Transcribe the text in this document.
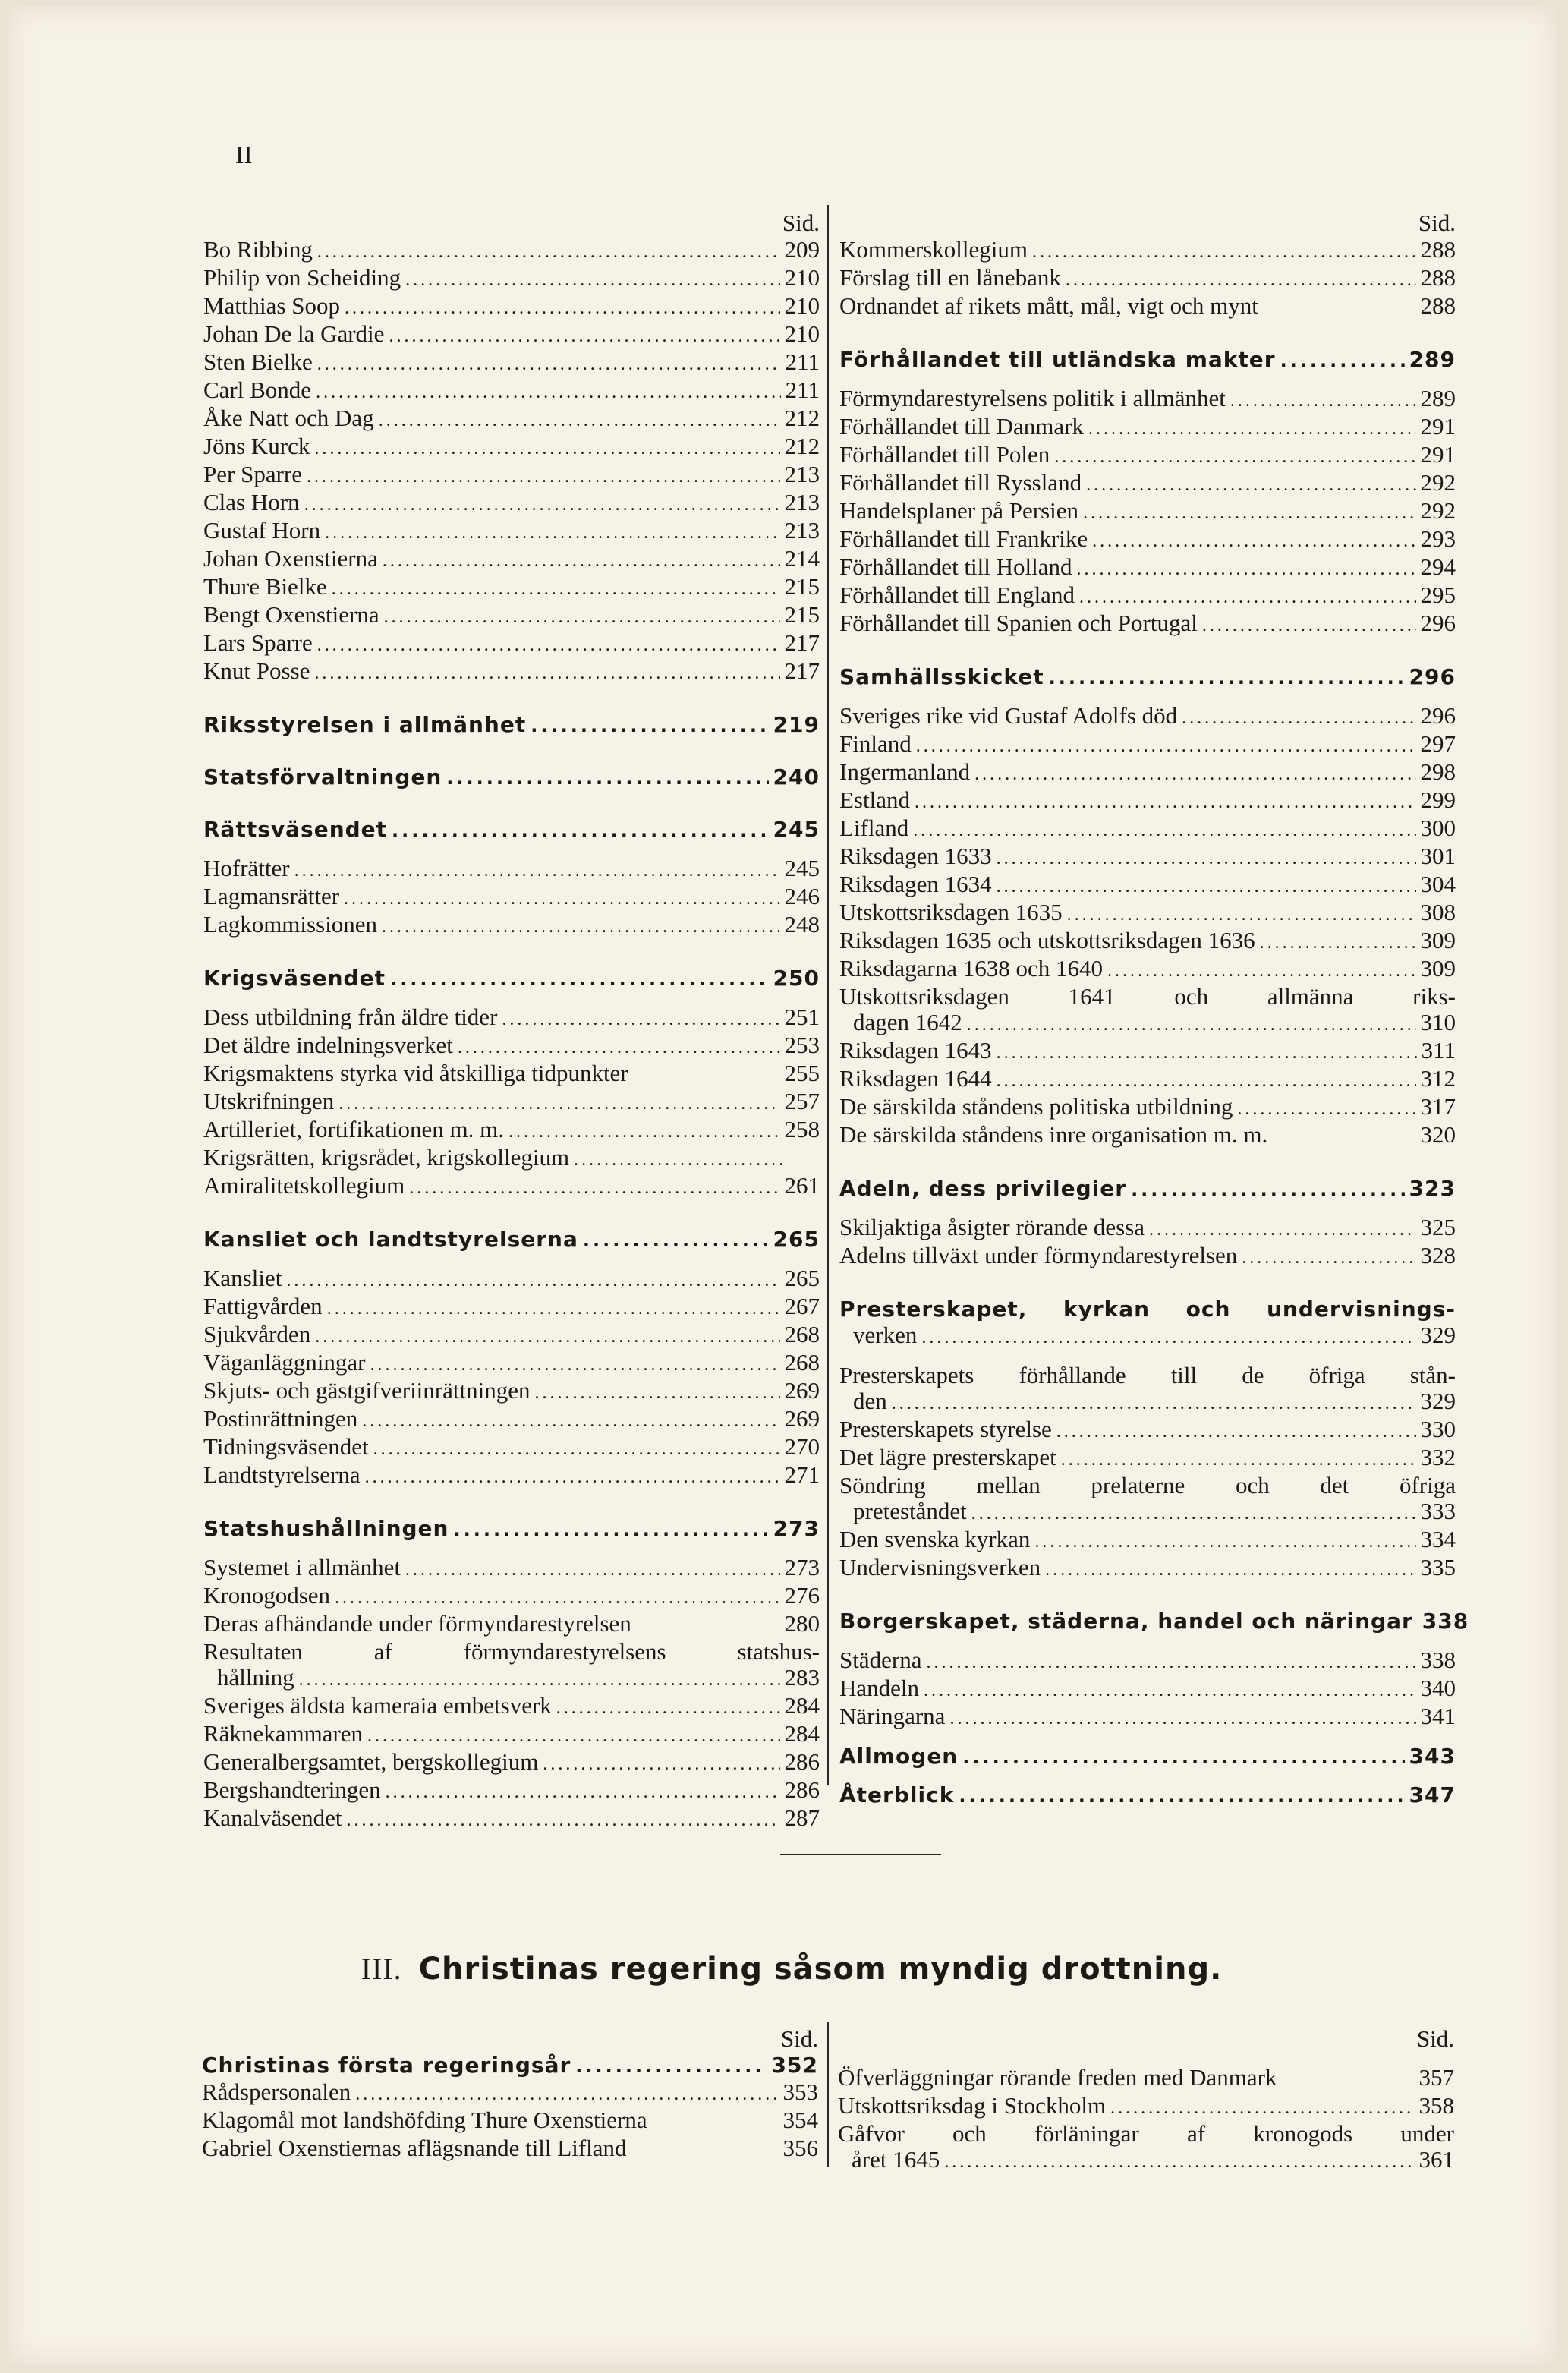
II
Sid.
Bo Ribbing .....	209
Philip von Scheiding .....	210
Matthias Soop .....	210
Johan De la Gardie .....	210
Sten Bielke .....	211
Carl Bonde .....	211
Åke Natt och Dag .....	212
Jöns Kurck .....	212
Per Sparre .....	213
Clas Horn .....	213
Gustaf Horn .....	213
Johan Oxenstierna .....	214
Thure Bielke .....	215
Bengt Oxenstierna .....	215
Lars Sparre .....	217
Knut Posse .....	217
Riksstyrelsen i allmänhet .....	219
Statsförvaltningen .....	240
Rättsväsendet .....	245
Hofrätter .....	245
Lagmansrätter .....	246
Lagkommissionen .....	248
Krigsväsendet .....	250
Dess utbildning från äldre tider .....	251
Det äldre indelningsverket .....	253
Krigsmaktens styrka vid åtskilliga tidpunkter	255
Utskrifningen .....	257
Artilleriet, fortifikationen m. m. .....	258
Krigsrätten, krigsrådet, krigskollegium
.....
Amiralitetskollegium .....	261
Kansliet och landtstyrelserna .....	265
Kansliet .....	265
Fattigvården .....	267
Sjukvården .....	268
Väganläggningar .....	268
Skjuts- och gästgifveriinrättningen .....	269
Postinrättningen .....	269
Tidningsväsendet .....	270
Landtstyrelserna .....	271
Statshushållningen .....	273
Systemet i allmänhet .....	273
Kronogodsen .....	276
Deras afhändande under förmyndarestyrelsen	280
Resultaten af förmyndarestyrelsens statshus-
hållning .....	283
Sveriges äldsta kameraia embetsverk .....	284
Räknekammaren .....	284
Generalbergsamtet, bergskollegium .....	286
Bergshandteringen .....	286
Kanalväsendet .....	287
Sid.
Kommerskollegium .....	288
Förslag till en lånebank .....	288
Ordnandet af rikets mått, mål, vigt och mynt	288
Förhållandet till utländska makter .....	289
Förmyndarestyrelsens politik i allmänhet .....	289
Förhållandet till Danmark .....	291
Förhållandet till Polen .....	291
Förhållandet till Ryssland .....	292
Handelsplaner på Persien .....	292
Förhållandet till Frankrike .....	293
Förhållandet till Holland .....	294
Förhållandet till England .....	295
Förhållandet till Spanien och Portugal .....	296
Samhällsskicket .....	296
Sveriges rike vid Gustaf Adolfs död .....	296
Finland .....	297
Ingermanland .....	298
Estland .....	299
Lifland .....	300
Riksdagen 1633 .....	301
Riksdagen 1634 .....	304
Utskottsriksdagen 1635 .....	308
Riksdagen 1635 och utskottsriksdagen 1636 .....	309
Riksdagarna 1638 och 1640 .....	309
Utskottsriksdagen 1641 och allmänna riks-
dagen 1642 .....	310
Riksdagen 1643 .....	311
Riksdagen 1644 .....	312
De särskilda ståndens politiska utbildning .....	317
De särskilda ståndens inre organisation m. m.	320
Adeln, dess privilegier .....	323
Skiljaktiga åsigter rörande dessa .....	325
Adelns tillväxt under förmyndarestyrelsen .....	328
Presterskapet, kyrkan och undervisnings-
verken .....	329
Presterskapets förhållande till de öfriga stån-
den .....	329
Presterskapets styrelse .....	330
Det lägre presterskapet .....	332
Söndring mellan prelaterne och det öfriga
preteståndet .....	333
Den svenska kyrkan .....	334
Undervisningsverken .....	335
Borgerskapet, städerna, handel och näringar 338
Städerna .....	338
Handeln .....	340
Näringarna .....	341
Allmogen .....	343
Återblick .....	347
III. Christinas regering såsom myndig drottning.
Sid.
Christinas första regeringsår .....	352
Rådspersonalen .....	353
Klagomål mot landshöfding Thure Oxenstierna	354
Gabriel Oxenstiernas aflägsnande till Lifland	356
Sid.
Öfverläggningar rörande freden med Danmark	357
Utskottsriksdag i Stockholm .....	358
Gåfvor och förläningar af kronogods under
året 1645 .....	361
